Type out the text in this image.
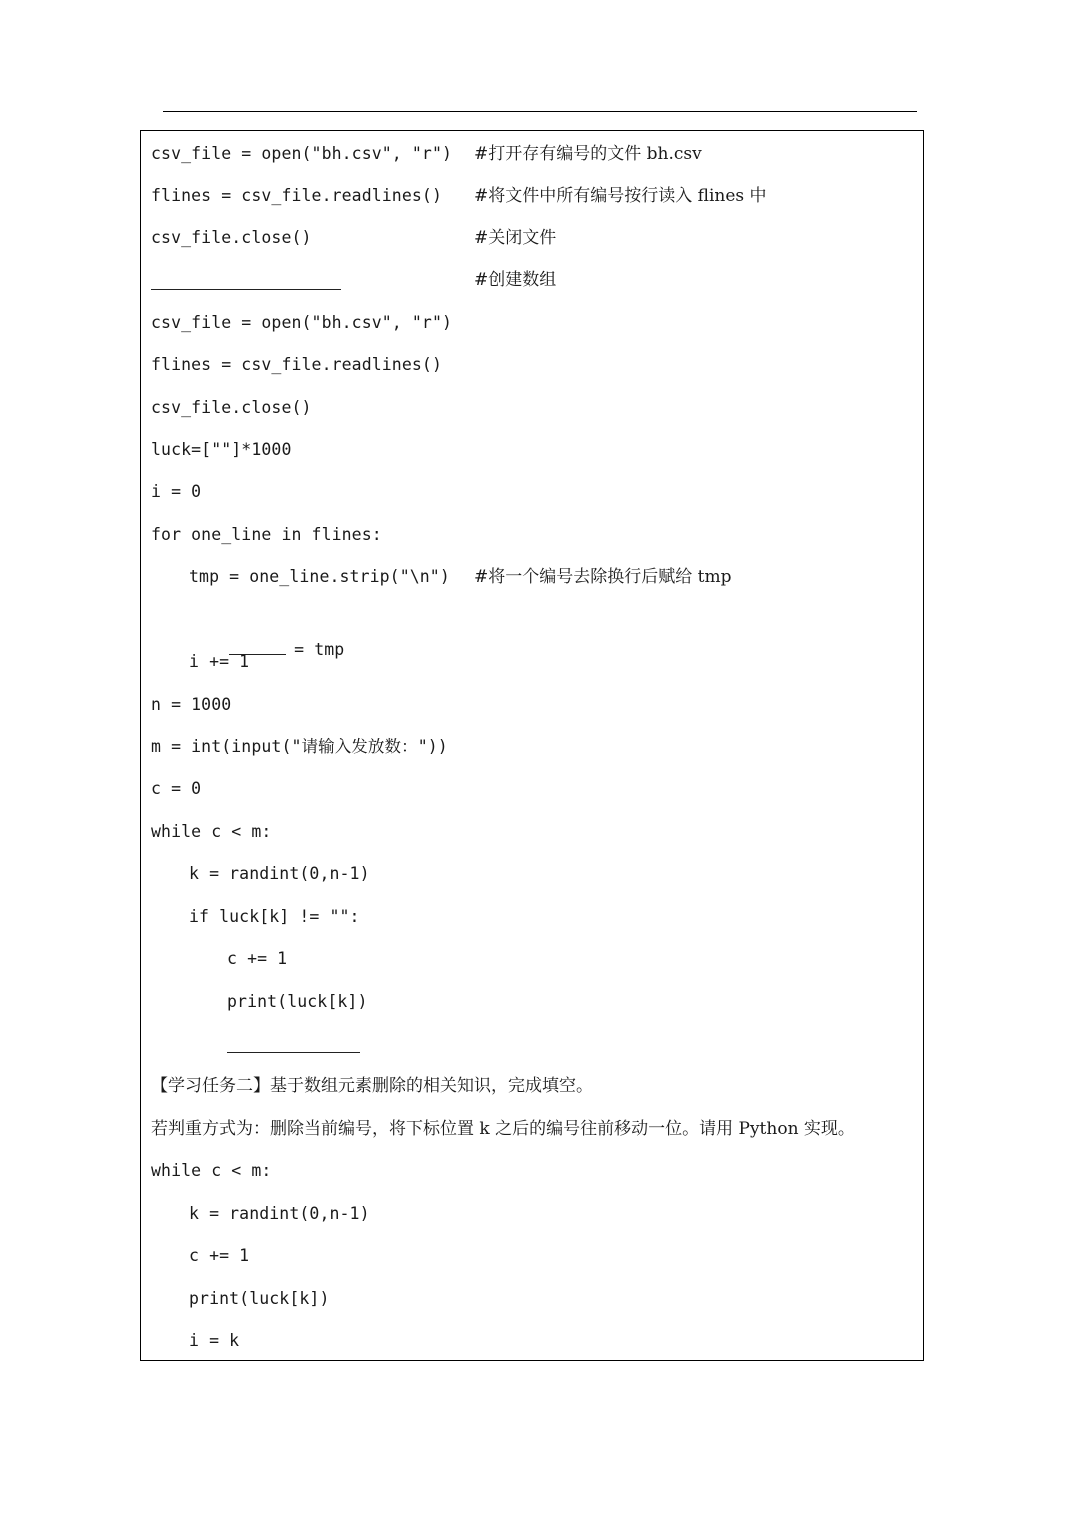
csv_file = open("bh.csv", "r") #打开存有编号的文件 bh.csv
flines = csv_file.readlines() #将文件中所有编号按行读入 flines 中
csv_file.close()	#关闭文件
#创建数组
csv_file = open("bh.csv", "r")
flines = csv_file.readlines()
csv_file.close()
luck=[""]*1000
i = 0
for one_line in flines:
tmp = one_line.strip("\n") #将一个编号去除换行后赋给 tmp

= tmp

i += 1
n = 1000
m = int(input("请输入发放数："))
c = 0
while c < m:
k = randint(0,n-1)
if luck[k] != "":
c += 1
print(luck[k])
【学习任务二】基于数组元素删除的相关知识，完成填空。
若判重方式为：删除当前编号，将下标位置 k 之后的编号往前移动一位。请用 Python 实现。
while c < m:
k = randint(0,n-1)
c += 1
print(luck[k])
i = k
